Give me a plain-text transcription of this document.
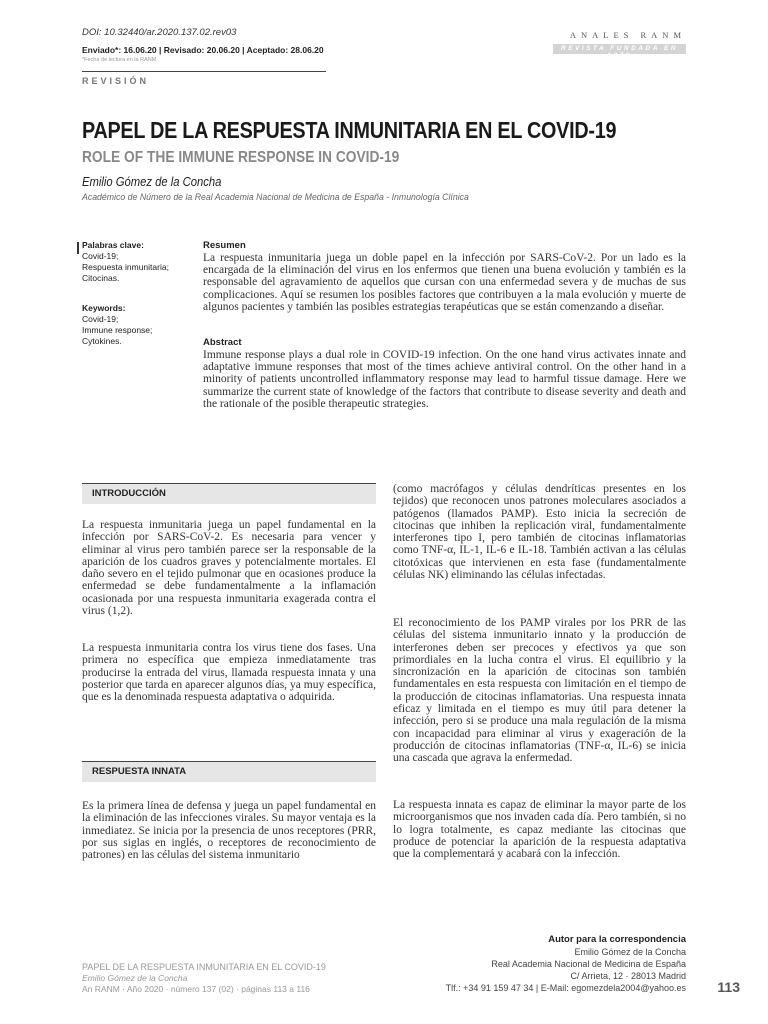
DOI: 10.32440/ar.2020.137.02.rev03
Enviado*: 16.06.20 | Revisado: 20.06.20 | Aceptado: 28.06.20
*Fecha de lectura en la RANM
REVISIÓN
ANALES RANM
REVISTA FUNDADA EN 1879
PAPEL DE LA RESPUESTA INMUNITARIA EN EL COVID-19
ROLE OF THE IMMUNE RESPONSE IN COVID-19
Emilio Gómez de la Concha
Académico de Número de la Real Academia Nacional de Medicina de España - Inmunología Clínica
Palabras clave:
Covid-19;
Respuesta inmunitaria;
Citocinas.
Keywords:
Covid-19;
Immune response;
Cytokines.
Resumen
La respuesta inmunitaria juega un doble papel en la infección por SARS-CoV-2. Por un lado es la encargada de la eliminación del virus en los enfermos que tienen una buena evolución y también es la responsable del agravamiento de aquellos que cursan con una enfermedad severa y de muchas de sus complicaciones. Aquí se resumen los posibles factores que contribuyen a la mala evolución y muerte de algunos pacientes y también las posibles estrategias terapéuticas que se están comenzando a diseñar.
Abstract
Immune response plays a dual role in COVID-19 infection. On the one hand virus activates innate and adaptative immune responses that most of the times achieve antiviral control. On the other hand in a minority of patients uncontrolled inflammatory response may lead to harmful tissue damage. Here we summarize the current state of knowledge of the factors that contribute to disease severity and death and the rationale of the posible therapeutic strategies.
INTRODUCCIÓN

La respuesta inmunitaria juega un papel fundamental en la infección por SARS-CoV-2. Es necesaria para vencer y eliminar al virus pero también parece ser la responsable de la aparición de los cuadros graves y potencialmente mortales. El daño severo en el tejido pulmonar que en ocasiones produce la enfermedad se debe fundamentalmente a la inflamación ocasionada por una respuesta inmunitaria exagerada contra el virus (1,2).

La respuesta inmunitaria contra los virus tiene dos fases. Una primera no específica que empieza inmediatamente tras producirse la entrada del virus, llamada respuesta innata y una posterior que tarda en aparecer algunos días, ya muy específica, que es la denominada respuesta adaptativa o adquirida.

RESPUESTA INNATA

Es la primera línea de defensa y juega un papel fundamental en la eliminación de las infecciones virales. Su mayor ventaja es la inmediatez. Se inicia por la presencia de unos receptores (PRR, por sus siglas en inglés, o receptores de reconocimiento de patrones) en las células del sistema inmunitario

(como macrófagos y células dendríticas presentes en los tejidos) que reconocen unos patrones moleculares asociados a patógenos (llamados PAMP). Esto inicia la secreción de citocinas que inhiben la replicación viral, fundamentalmente interferones tipo I, pero también de citocinas inflamatorias como TNF-α, IL-1, IL-6 e IL-18. También activan a las células citotóxicas que intervienen en esta fase (fundamentalmente células NK) eliminando las células infectadas.

El reconocimiento de los PAMP virales por los PRR de las células del sistema inmunitario innato y la producción de interferones deben ser precoces y efectivos ya que son primordiales en la lucha contra el virus. El equilibrio y la sincronización en la aparición de citocinas son también fundamentales en esta respuesta con limitación en el tiempo de la producción de citocinas inflamatorias. Una respuesta innata eficaz y limitada en el tiempo es muy útil para detener la infección, pero si se produce una mala regulación de la misma con incapacidad para eliminar al virus y exageración de la producción de citocinas inflamatorias (TNF-α, IL-6) se inicia una cascada que agrava la enfermedad.

La respuesta innata es capaz de eliminar la mayor parte de los microorganismos que nos invaden cada día. Pero también, si no lo logra totalmente, es capaz mediante las citocinas que produce de potenciar la aparición de la respuesta adaptativa que la complementará y acabará con la infección.

Autor para la correspondencia
Emilio Gómez de la Concha
Real Academia Nacional de Medicina de España
C/ Arrieta, 12 · 28013 Madrid
Tlf.: +34 91 159 47 34 | E-Mail: egomezdela2004@yahoo.es
PAPEL DE LA RESPUESTA INMUNITARIA EN EL COVID-19
Emilio Gómez de la Concha
An RANM · Año 2020 · número 137 (02) · páginas 113 a 116	113
